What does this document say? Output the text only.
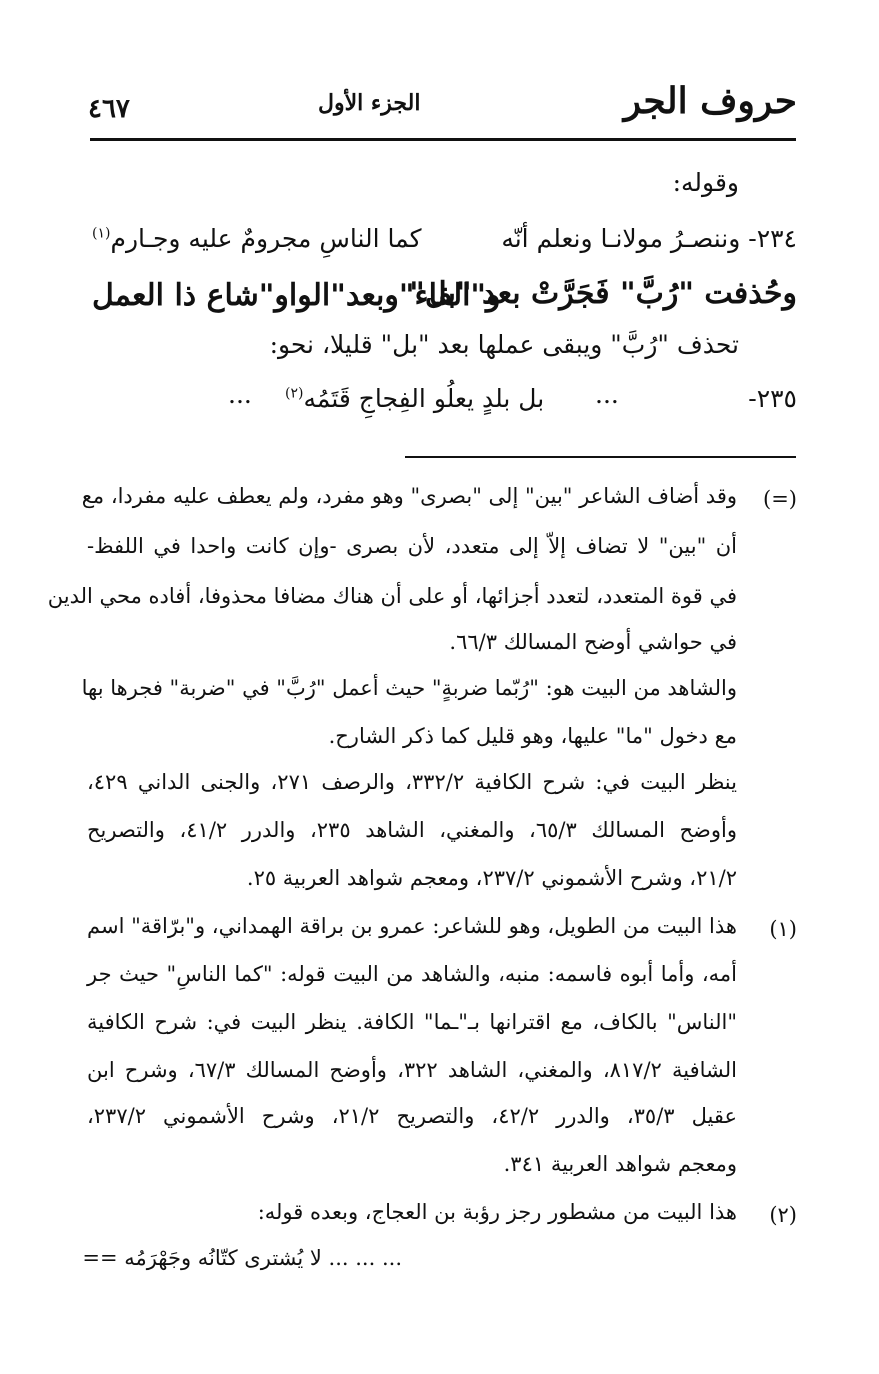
حروف الجر
الجزء الأول
٤٦٧
وقوله:
٢٣٤- وننصـرُ مولانـا ونعلم أنّه
كما الناسِ مجرومٌ عليه وجـارم$^{(١)}$
وحُذفت "رُبَّ" فَجَرَّتْ بعد "بل"
و"الفاء"وبعد"الواو"شاع ذا العمل
تحذف "رُبَّ" ويبقى عملها بعد "بل" قليلا، نحو:
٢٣٥-
...
بل بلدٍ يعلُو الفِجاجِ قَتَمُه$^{(٢)}$
...
(=)
وقد أضاف الشاعر "بين" إلى "بصرى" وهو مفرد، ولم يعطف عليه مفردا، مع
أن "بين" لا تضاف إلاّ إلى متعدد، لأن بصرى -وإن كانت واحدا في اللفظ-
في قوة المتعدد، لتعدد أجزائها، أو على أن هناك مضافا محذوفا، أفاده محي الدين
في حواشي أوضح المسالك ٦٦/٣.
والشاهد من البيت هو: "رُبّما ضربةٍ" حيث أعمل "رُبَّ" في "ضربة" فجرها بها
مع دخول "ما" عليها، وهو قليل كما ذكر الشارح.
ينظر البيت في: شرح الكافية ٣٣٢/٢، والرصف ٢٧١، والجنى الداني ٤٢٩،
وأوضح المسالك ٦٥/٣، والمغني، الشاهد ٢٣٥، والدرر ٤١/٢، والتصريح
٢١/٢، وشرح الأشموني ٢٣٧/٢، ومعجم شواهد العربية ٢٥.
(١)
هذا البيت من الطويل، وهو للشاعر: عمرو بن براقة الهمداني، و"برّاقة" اسم
أمه، وأما أبوه فاسمه: منبه، والشاهد من البيت قوله: "كما الناسِ" حيث جر
"الناس" بالكاف، مع اقترانها بـ"ـما" الكافة. ينظر البيت في: شرح الكافية
الشافية ٨١٧/٢، والمغني، الشاهد ٣٢٢، وأوضح المسالك ٦٧/٣، وشرح ابن
عقيل ٣٥/٣، والدرر ٤٢/٢، والتصريح ٢١/٢، وشرح الأشموني ٢٣٧/٢،
ومعجم شواهد العربية ٣٤١.
(٢)
هذا البيت من مشطور رجز رؤبة بن العجاج، وبعده قوله:
... ... ... لا يُشترى كتّانُه وجَهْرَمُه ==
